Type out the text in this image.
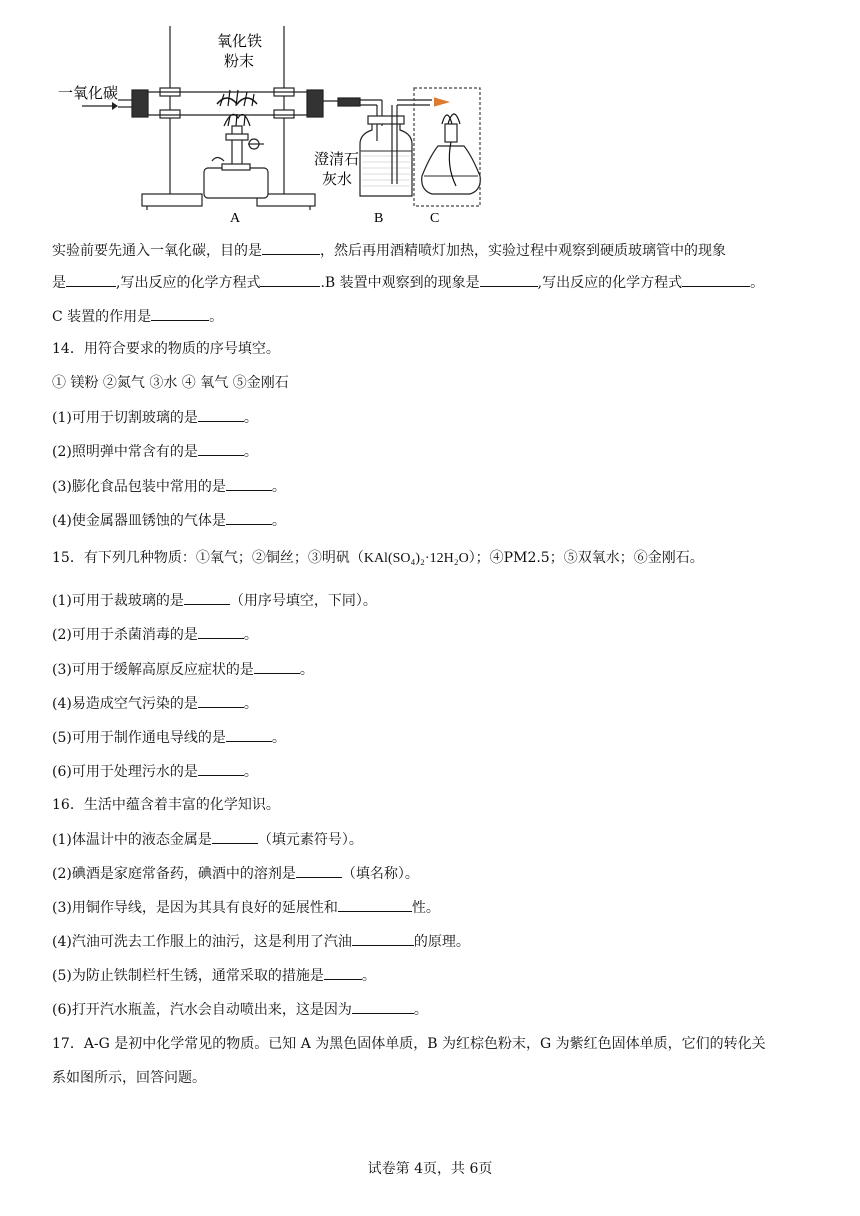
一氧化碳
氧化铁
粉末
澄清石
灰水
A	B	C
实验前要先通入一氧化碳，目的是	，然后再用酒精喷灯加热，实验过程中观察到硬质玻璃管中的现象
是	,写出反应的化学方程式	.B 装置中观察到的现象是	,写出反应的化学方程式	。
C 装置的作用是	。
14．用符合要求的物质的序号填空。
① 镁粉 ②氮气 ③水 ④ 氧气 ⑤金刚石
(1)可用于切割玻璃的是	。
(2)照明弹中常含有的是	。
(3)膨化食品包装中常用的是	。
(4)使金属器皿锈蚀的气体是	。
15．有下列几种物质：①氧气；②铜丝；③明矾（KAl(SO₄)₂·12H₂O）；④PM2.5；⑤双氧水；⑥金刚石。
(1)可用于裁玻璃的是	（用序号填空，下同）。
(2)可用于杀菌消毒的是	。
(3)可用于缓解高原反应症状的是	。
(4)易造成空气污染的是	。
(5)可用于制作通电导线的是	。
(6)可用于处理污水的是	。
16．生活中蕴含着丰富的化学知识。
(1)体温计中的液态金属是	（填元素符号）。
(2)碘酒是家庭常备药，碘酒中的溶剂是	（填名称）。
(3)用铜作导线，是因为其具有良好的延展性和	性。
(4)汽油可洗去工作服上的油污，这是利用了汽油	的原理。
(5)为防止铁制栏杆生锈，通常采取的措施是	。
(6)打开汽水瓶盖，汽水会自动喷出来，这是因为	。
17．A-G 是初中化学常见的物质。已知 A 为黑色固体单质，B 为红棕色粉末，G 为紫红色固体单质，它们的转化关
系如图所示，回答问题。
试卷第 4页，共 6页
